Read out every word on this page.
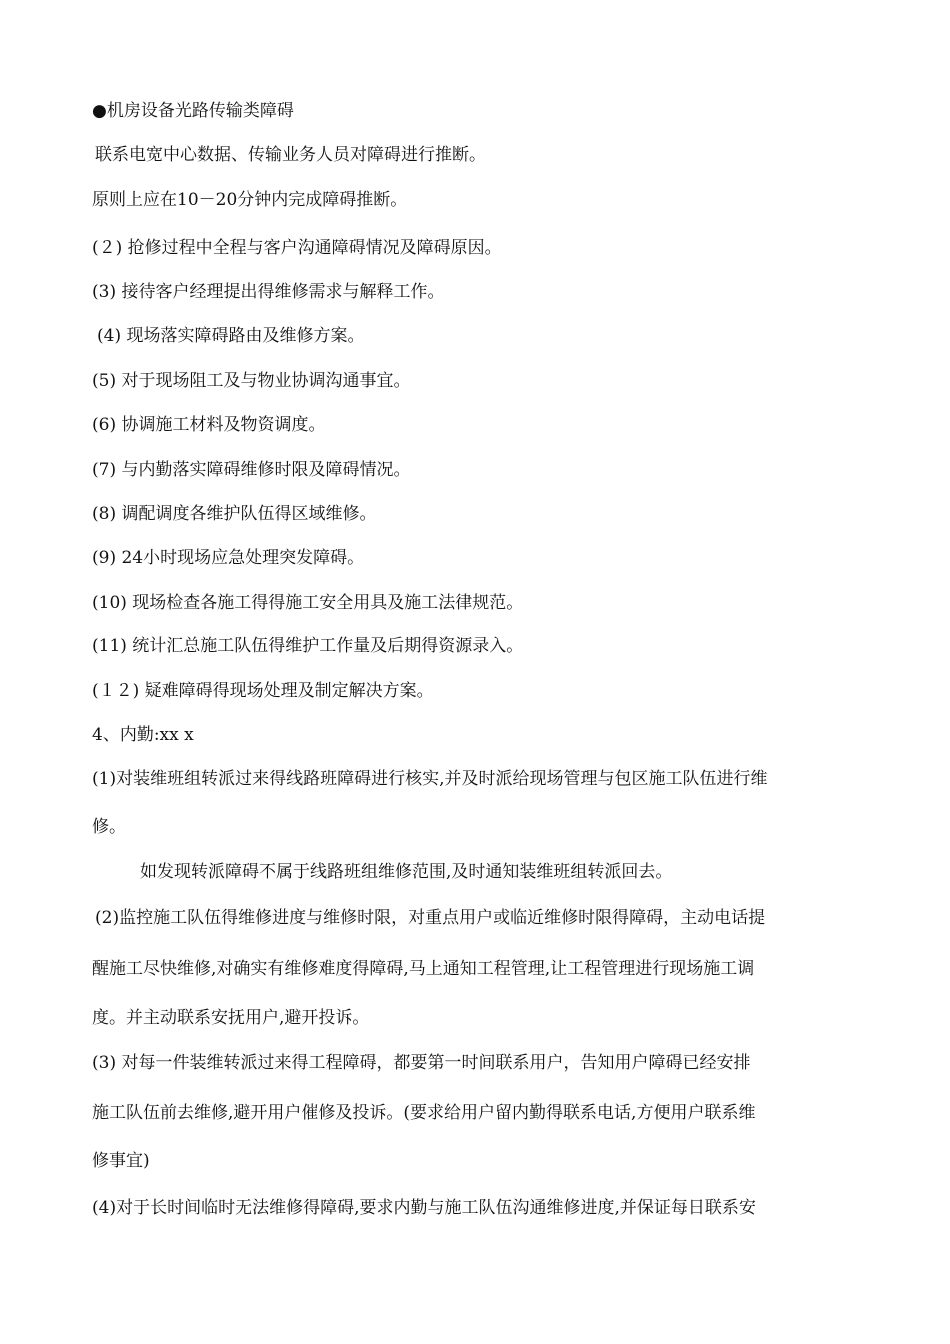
●机房设备光路传输类障碍
联系电宽中心数据、传输业务人员对障碍进行推断。
原则上应在10－20分钟内完成障碍推断。
(２) 抢修过程中全程与客户沟通障碍情况及障碍原因。
(3) 接待客户经理提出得维修需求与解释工作。
(4) 现场落实障碍路由及维修方案。
(5) 对于现场阻工及与物业协调沟通事宜。
(6) 协调施工材料及物资调度。
(7) 与内勤落实障碍维修时限及障碍情况。
(8) 调配调度各维护队伍得区域维修。
(9) 24小时现场应急处理突发障碍。
(10) 现场检查各施工得得施工安全用具及施工法律规范。
(11) 统计汇总施工队伍得维护工作量及后期得资源录入。
(１２) 疑难障碍得现场处理及制定解决方案。
4、内勤:xx x
(1)对装维班组转派过来得线路班障碍进行核实,并及时派给现场管理与包区施工队伍进行维
修。
如发现转派障碍不属于线路班组维修范围,及时通知装维班组转派回去。
(2)监控施工队伍得维修进度与维修时限，对重点用户或临近维修时限得障碍，主动电话提
醒施工尽快维修,对确实有维修难度得障碍,马上通知工程管理,让工程管理进行现场施工调
度。并主动联系安抚用户,避开投诉。
(3) 对每一件装维转派过来得工程障碍，都要第一时间联系用户，告知用户障碍已经安排
施工队伍前去维修,避开用户催修及投诉。(要求给用户留内勤得联系电话,方便用户联系维
修事宜)
(4)对于长时间临时无法维修得障碍,要求内勤与施工队伍沟通维修进度,并保证每日联系安
